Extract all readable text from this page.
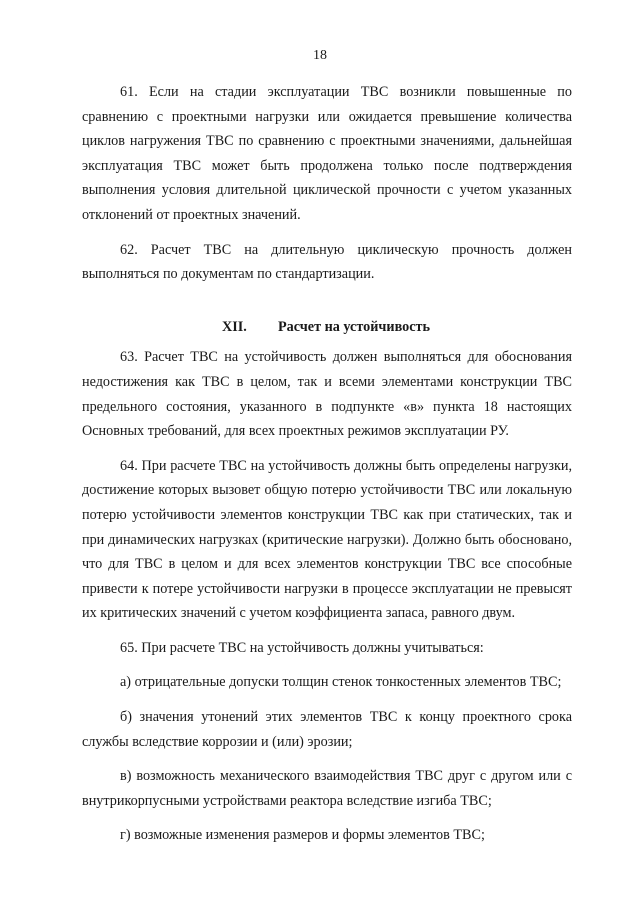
18

61. Если на стадии эксплуатации ТВС возникли повышенные по сравнению с проектными нагрузки или ожидается превышение количества циклов нагружения ТВС по сравнению с проектными значениями, дальнейшая эксплуатация ТВС может быть продолжена только после подтверждения выполнения условия длительной циклической прочности с учетом указанных отклонений от проектных значений.

62. Расчет ТВС на длительную циклическую прочность должен выполняться по документам по стандартизации.

XII. Расчет на устойчивость

63. Расчет ТВС на устойчивость должен выполняться для обоснования недостижения как ТВС в целом, так и всеми элементами конструкции ТВС предельного состояния, указанного в подпункте «в» пункта 18 настоящих Основных требований, для всех проектных режимов эксплуатации РУ.

64. При расчете ТВС на устойчивость должны быть определены нагрузки, достижение которых вызовет общую потерю устойчивости ТВС или локальную потерю устойчивости элементов конструкции ТВС как при статических, так и при динамических нагрузках (критические нагрузки). Должно быть обосновано, что для ТВС в целом и для всех элементов конструкции ТВС все способные привести к потере устойчивости нагрузки в процессе эксплуатации не превысят их критических значений с учетом коэффициента запаса, равного двум.

65. При расчете ТВС на устойчивость должны учитываться:

а) отрицательные допуски толщин стенок тонкостенных элементов ТВС;

б) значения утонений этих элементов ТВС к концу проектного срока службы вследствие коррозии и (или) эрозии;

в) возможность механического взаимодействия ТВС друг с другом или с внутрикорпусными устройствами реактора вследствие изгиба ТВС;

г) возможные изменения размеров и формы элементов ТВС;
